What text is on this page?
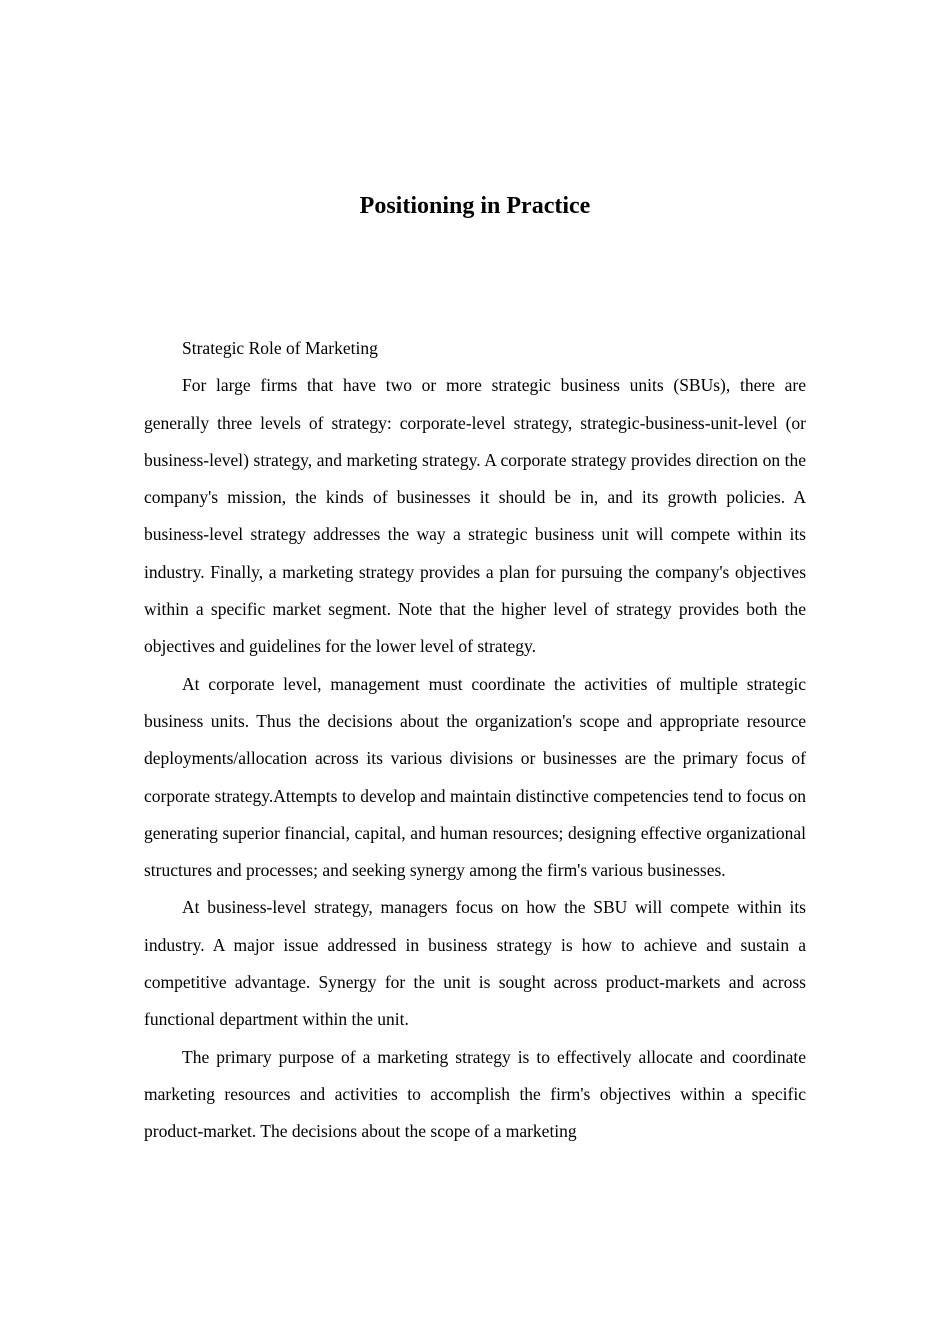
Positioning in Practice

Strategic Role of Marketing

For large firms that have two or more strategic business units (SBUs), there are generally three levels of strategy: corporate-level strategy, strategic-business-unit-level (or business-level) strategy, and marketing strategy. A corporate strategy provides direction on the company's mission, the kinds of businesses it should be in, and its growth policies. A business-level strategy addresses the way a strategic business unit will compete within its industry. Finally, a marketing strategy provides a plan for pursuing the company's objectives within a specific market segment. Note that the higher level of strategy provides both the objectives and guidelines for the lower level of strategy.

At corporate level, management must coordinate the activities of multiple strategic business units. Thus the decisions about the organization's scope and appropriate resource deployments/allocation across its various divisions or businesses are the primary focus of corporate strategy.Attempts to develop and maintain distinctive competencies tend to focus on generating superior financial, capital, and human resources; designing effective organizational structures and processes; and seeking synergy among the firm's various businesses.

At business-level strategy, managers focus on how the SBU will compete within its industry. A major issue addressed in business strategy is how to achieve and sustain a competitive advantage. Synergy for the unit is sought across product-markets and across functional department within the unit.

The primary purpose of a marketing strategy is to effectively allocate and coordinate marketing resources and activities to accomplish the firm's objectives within a specific product-market. The decisions about the scope of a marketing
